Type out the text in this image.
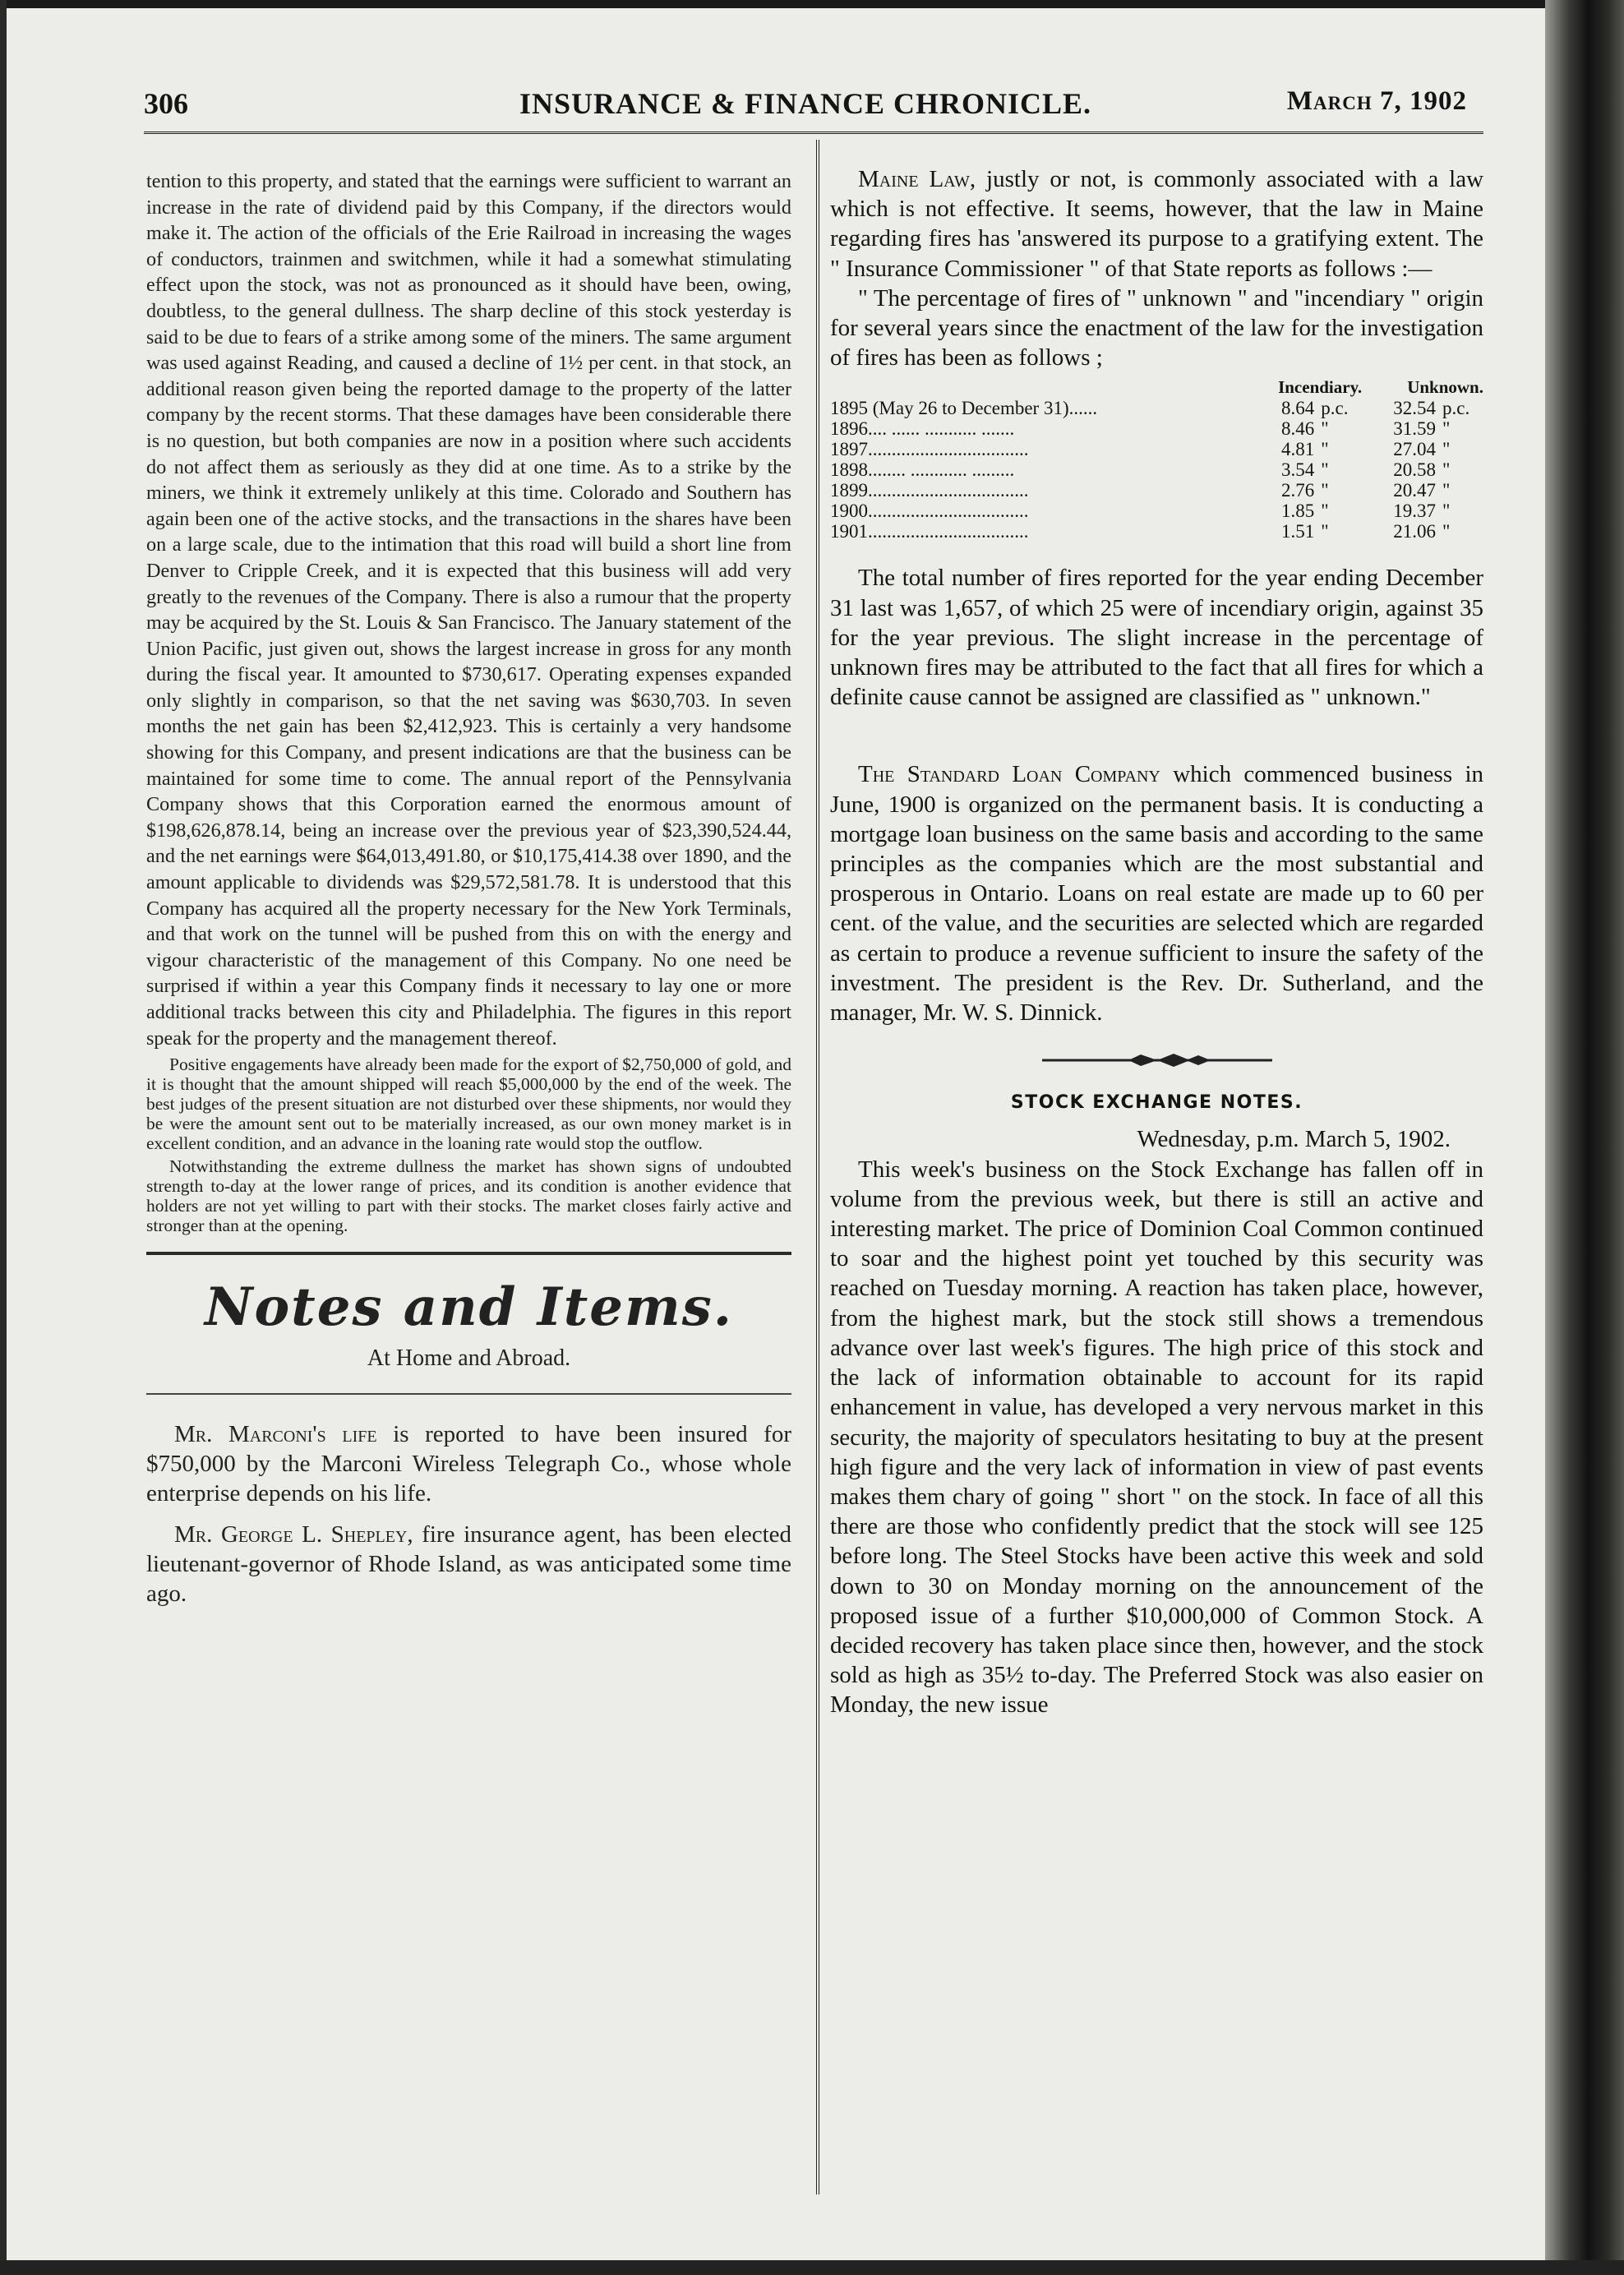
306	INSURANCE & FINANCE CHRONICLE.	March 7, 1902

tention to this property, and stated that the earnings were sufficient to warrant an increase in the rate of dividend paid by this Company, if the directors would make it. The action of the officials of the Erie Railroad in increasing the wages of conductors, trainmen and switchmen, while it had a somewhat stimulating effect upon the stock, was not as pronounced as it should have been, owing, doubtless, to the general dullness. The sharp decline of this stock yesterday is said to be due to fears of a strike among some of the miners. The same argument was used against Reading, and caused a decline of 1½ per cent. in that stock, an additional reason given being the reported damage to the property of the latter company by the recent storms. That these damages have been considerable there is no question, but both companies are now in a position where such accidents do not affect them as seriously as they did at one time. As to a strike by the miners, we think it extremely unlikely at this time. Colorado and Southern has again been one of the active stocks, and the transactions in the shares have been on a large scale, due to the intimation that this road will build a short line from Denver to Cripple Creek, and it is expected that this business will add very greatly to the revenues of the Company. There is also a rumour that the property may be acquired by the St. Louis & San Francisco. The January statement of the Union Pacific, just given out, shows the largest increase in gross for any month during the fiscal year. It amounted to $730,617. Operating expenses expanded only slightly in comparison, so that the net saving was $630,703. In seven months the net gain has been $2,412,923. This is certainly a very handsome showing for this Company, and present indications are that the business can be maintained for some time to come. The annual report of the Pennsylvania Company shows that this Corporation earned the enormous amount of $198,626,878.14, being an increase over the previous year of $23,390,524.44, and the net earnings were $64,013,491.80, or $10,175,414.38 over 1890, and the amount applicable to dividends was $29,572,581.78. It is understood that this Company has acquired all the property necessary for the New York Terminals, and that work on the tunnel will be pushed from this on with the energy and vigour characteristic of the management of this Company. No one need be surprised if within a year this Company finds it necessary to lay one or more additional tracks between this city and Philadelphia. The figures in this report speak for the property and the management thereof.

Positive engagements have already been made for the export of $2,750,000 of gold, and it is thought that the amount shipped will reach $5,000,000 by the end of the week. The best judges of the present situation are not disturbed over these shipments, nor would they be were the amount sent out to be materially increased, as our own money market is in excellent condition, and an advance in the loaning rate would stop the outflow.

Notwithstanding the extreme dullness the market has shown signs of undoubted strength to-day at the lower range of prices, and its condition is another evidence that holders are not yet willing to part with their stocks. The market closes fairly active and stronger than at the opening.

Notes and Items.
At Home and Abroad.

Mr. Marconi's life is reported to have been insured for $750,000 by the Marconi Wireless Telegraph Co., whose whole enterprise depends on his life.

Mr. George L. Shepley, fire insurance agent, has been elected lieutenant-governor of Rhode Island, as was anticipated some time ago.

Maine Law, justly or not, is commonly associated with a law which is not effective. It seems, however, that the law in Maine regarding fires has 'answered its purpose to a gratifying extent. The " Insurance Commissioner " of that State reports as follows :—

" The percentage of fires of " unknown " and "incendiary " origin for several years since the enactment of the law for the investigation of fires has been as follows ;

	Incendiary.		Unknown.	
1895 (May 26 to December 31)......	8.64	p.c.	32.54	p.c.
1896.... ...... ........... .......	8.46	"	31.59	"
1897..................................	4.81	"	27.04	"
1898........ ............ .........	3.54	"	20.58	"
1899..................................	2.76	"	20.47	"
1900..................................	1.85	"	19.37	"
1901..................................	1.51	"	21.06	"

The total number of fires reported for the year ending December 31 last was 1,657, of which 25 were of incendiary origin, against 35 for the year previous. The slight increase in the percentage of unknown fires may be attributed to the fact that all fires for which a definite cause cannot be assigned are classified as " unknown."

The Standard Loan Company which commenced business in June, 1900 is organized on the permanent basis. It is conducting a mortgage loan business on the same basis and according to the same principles as the companies which are the most substantial and prosperous in Ontario. Loans on real estate are made up to 60 per cent. of the value, and the securities are selected which are regarded as certain to produce a revenue sufficient to insure the safety of the investment. The president is the Rev. Dr. Sutherland, and the manager, Mr. W. S. Dinnick.

STOCK EXCHANGE NOTES.
Wednesday, p.m. March 5, 1902.

This week's business on the Stock Exchange has fallen off in volume from the previous week, but there is still an active and interesting market. The price of Dominion Coal Common continued to soar and the highest point yet touched by this security was reached on Tuesday morning. A reaction has taken place, however, from the highest mark, but the stock still shows a tremendous advance over last week's figures. The high price of this stock and the lack of information obtainable to account for its rapid enhancement in value, has developed a very nervous market in this security, the majority of speculators hesitating to buy at the present high figure and the very lack of information in view of past events makes them chary of going " short " on the stock. In face of all this there are those who confidently predict that the stock will see 125 before long. The Steel Stocks have been active this week and sold down to 30 on Monday morning on the announcement of the proposed issue of a further $10,000,000 of Common Stock. A decided recovery has taken place since then, however, and the stock sold as high as 35½ to-day. The Preferred Stock was also easier on Monday, the new issue
